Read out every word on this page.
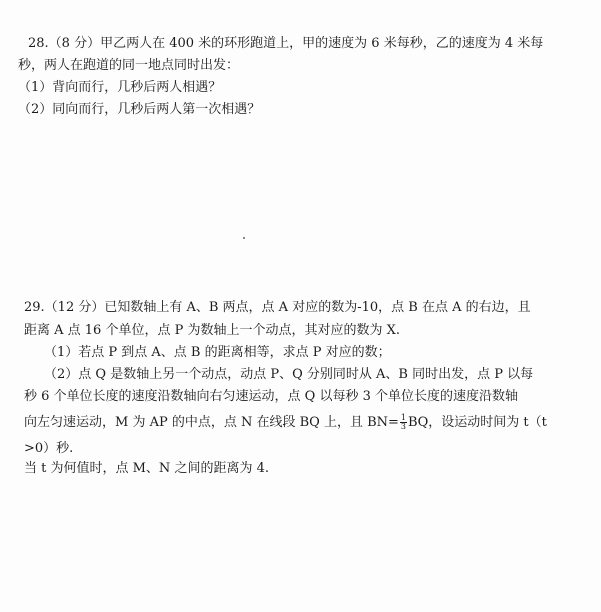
28.（8 分）甲乙两人在 400 米的环形跑道上，甲的速度为 6 米每秒，乙的速度为 4 米每
秒，两人在跑道的同一地点同时出发：
（1）背向而行，几秒后两人相遇？
（2）同向而行，几秒后两人第一次相遇？
29.（12 分）已知数轴上有 A、B 两点，点 A 对应的数为-10，点 B 在点 A 的右边，且
距离 A 点 16 个单位，点 P 为数轴上一个动点，其对应的数为 X.
（1）若点 P 到点 A、点 B 的距离相等，求点 P 对应的数；
（2）点 Q 是数轴上另一个动点，动点 P、Q 分别同时从 A、B 同时出发，点 P 以每
秒 6 个单位长度的速度沿数轴向右匀速运动，点 Q 以每秒 3 个单位长度的速度沿数轴
向左匀速运动，M 为 AP 的中点，点 N 在线段 BQ 上，且 $BN= \frac{1}{3}$ BQ，设运动时间为 t（t
>0）秒.
当 t 为何值时，点 M、N 之间的距离为 4.
